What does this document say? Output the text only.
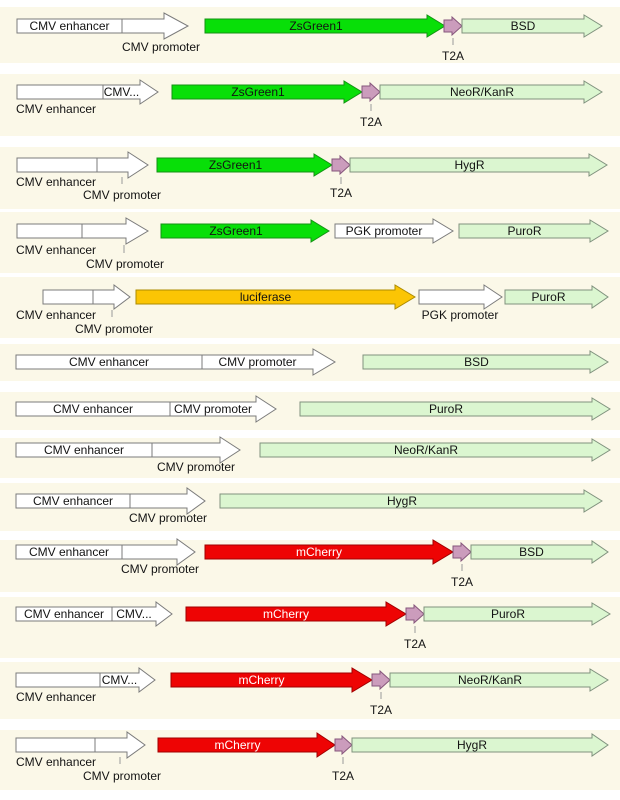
CMV enhancer	ZsGreen1	BSD
CMV promoter
T2A
CMV...	ZsGreen1	NeoR/KanR
CMV enhancer
T2A
ZsGreen1	HygR
CMV enhancer
CMV promoter	T2A
ZsGreen1	PGK promoter	PuroR
CMV enhancer
CMV promoter
luciferase	PuroR
CMV enhancer
CMV promoter
PGK promoter
CMV enhancer	CMV promoter	BSD
CMV enhancer	CMV promoter	PuroR
CMV enhancer	NeoR/KanR
CMV promoter
CMV enhancer	HygR
CMV promoter
CMV enhancer	mCherry	BSD
CMV promoter
T2A
CMV enhancer CMV...	mCherry	PuroR
T2A
CMV...	mCherry	NeoR/KanR
CMV enhancer
T2A
mCherry	HygR
CMV enhancer
CMV promoter	T2A
